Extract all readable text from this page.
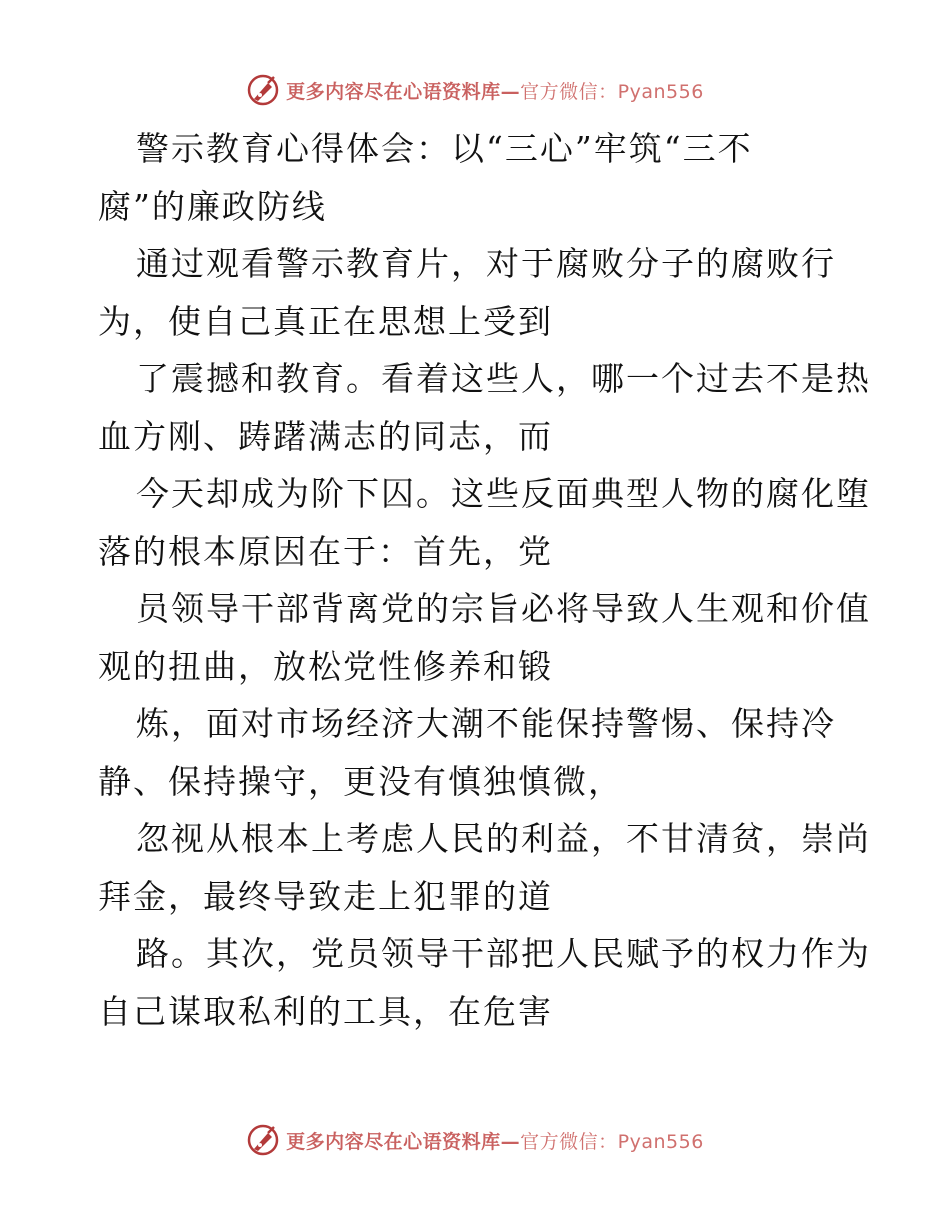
更多内容尽在心语资料库—官方微信：Pyan556
警示教育心得体会：以“三心”牢筑“三不
腐”的廉政防线
通过观看警示教育片，对于腐败分子的腐败行
为，使自己真正在思想上受到
了震撼和教育。看着这些人，哪一个过去不是热
血方刚、踌躇满志的同志，而
今天却成为阶下囚。这些反面典型人物的腐化堕
落的根本原因在于：首先，党
员领导干部背离党的宗旨必将导致人生观和价值
观的扭曲，放松党性修养和锻
炼，面对市场经济大潮不能保持警惕、保持冷
静、保持操守，更没有慎独慎微，
忽视从根本上考虑人民的利益，不甘清贫，崇尚
拜金，最终导致走上犯罪的道
路。其次，党员领导干部把人民赋予的权力作为
自己谋取私利的工具，在危害
更多内容尽在心语资料库—官方微信：Pyan556
